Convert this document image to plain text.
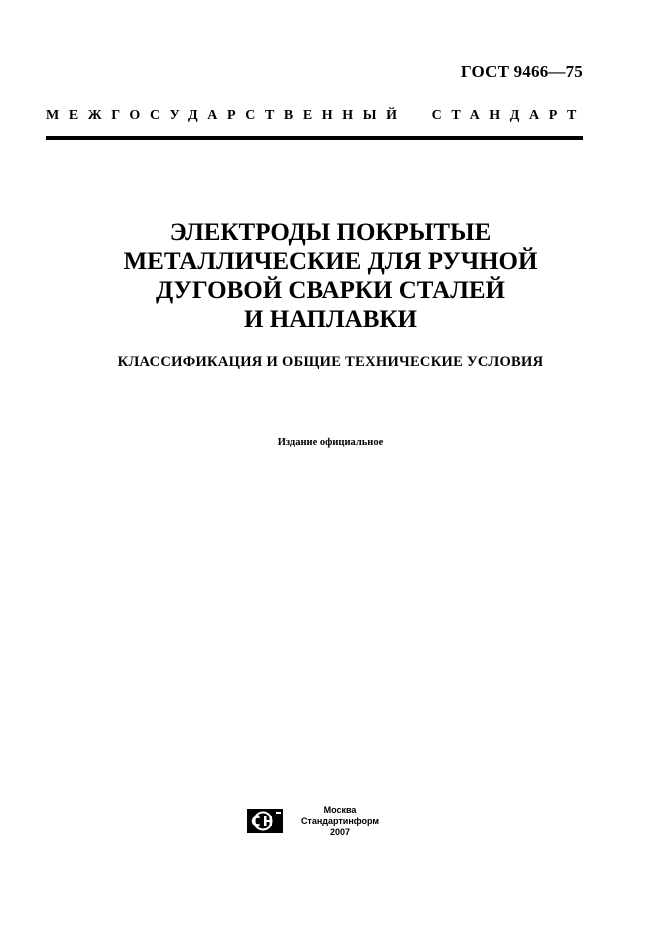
ГОСТ 9466—75
МЕЖГОСУДАРСТВЕННЫЙ СТАНДАРТ
ЭЛЕКТРОДЫ ПОКРЫТЫЕ
МЕТАЛЛИЧЕСКИЕ ДЛЯ РУЧНОЙ
ДУГОВОЙ СВАРКИ СТАЛЕЙ
И НАПЛАВКИ
КЛАССИФИКАЦИЯ И ОБЩИЕ ТЕХНИЧЕСКИЕ УСЛОВИЯ
Издание официальное
Москва
Стандартинформ
2007
